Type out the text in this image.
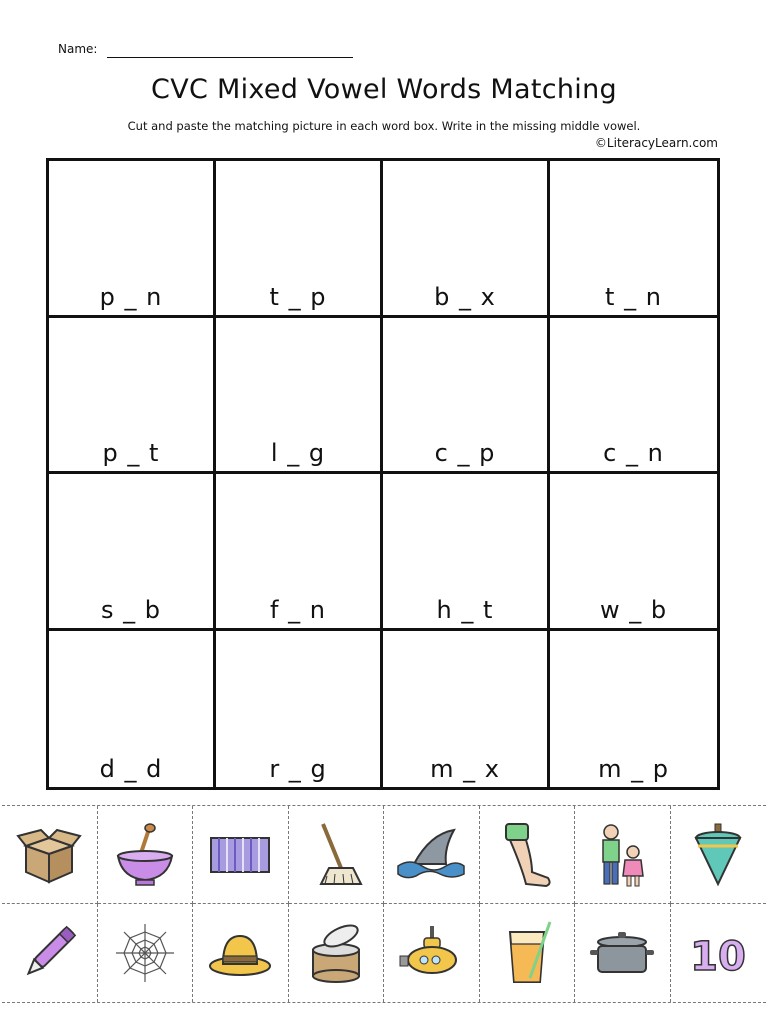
Name:
CVC Mixed Vowel Words Matching
Cut and paste the matching picture in each word box. Write in the missing middle vowel.
©LiteracyLearn.com
p _ n	t _ p	b _ x	t _ n
p _ t	l _ g	c _ p	c _ n
s _ b	f _ n	h _ t	w _ b
d _ d	r _ g	m _ x	m _ p
10
